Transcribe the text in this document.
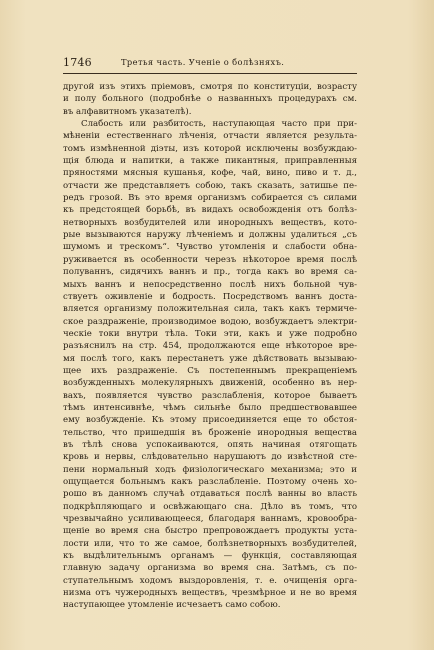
1746	Третья часть. Ученіе о болѣзняхъ.
другой изъ этихъ пріемовъ, смотря по конституціи, возрасту
и полу больного (подробнѣе о названныхъ процедурахъ см.
въ алфавитномъ указателѣ).
Слабость или разбитость, наступающая часто при при-
мѣненіи естественнаго лѣченія, отчасти является результа-
томъ измѣненной діэты, изъ которой исключены возбуждаю-
щія блюда и напитки, а также пикантныя, приправленныя
пряностями мясныя кушанья, кофе, чай, вино, пиво и т. д.,
отчасти же представляетъ собою, такъ сказать, затишье пе-
редъ грозой. Въ это время организмъ собирается съ силами
къ предстоящей борьбѣ, въ видахъ освобожденія отъ болѣз-
нетворныхъ возбудителей или инородныхъ веществъ, кото-
рые вызываются наружу лѣченіемъ и должны удалиться „съ
шумомъ и трескомъ“. Чувство утомленія и слабости обна-
руживается въ особенности черезъ нѣкоторое время послѣ
полуваннъ, сидячихъ ваннъ и пр., тогда какъ во время са-
мыхъ ваннъ и непосредственно послѣ нихъ больной чув-
ствуетъ оживленіе и бодрость. Посредствомъ ваннъ доста-
вляется организму положительная сила, такъ какъ термиче-
ское раздраженіе, производимое водою, возбуждаетъ электри-
ческіе токи внутри тѣла. Токи эти, какъ и уже подробно
разъяснилъ на стр. 454, продолжаются еще нѣкоторое вре-
мя послѣ того, какъ перестанетъ уже дѣйствовать вызываю-
щее ихъ раздраженіе. Съ постепеннымъ прекращеніемъ
возбужденныхъ молекулярныхъ движеній, особенно въ нер-
вахъ, появляется чувство разслабленія, которое бываетъ
тѣмъ интенсивнѣе, чѣмъ сильнѣе было предшествовавшее
ему возбужденіе. Къ этому присоединяется еще то обстоя-
тельство, что пришедшія въ броженіе инородныя вещества
въ тѣлѣ снова успокаиваются, опять начиная отягощать
кровь и нервы, слѣдовательно нарушаютъ до извѣстной сте-
пени нормальный ходъ физіологическаго механизма; это и
ощущается больнымъ какъ разслабленіе. Поэтому очень хо-
рошо въ данномъ случаѣ отдаваться послѣ ванны во власть
подкрѣпляющаго и освѣжающаго сна. Дѣло въ томъ, что
чрезвычайно усиливающееся, благодаря ваннамъ, кровообра-
щеніе во время сна быстро препровождаетъ продукты уста-
лости или, что то же самое, болѣзнетворныхъ возбудителей,
къ выдѣлительнымъ органамъ — функція, составляющая
главную задачу организма во время сна. Затѣмъ, съ по-
ступательнымъ ходомъ выздоровленія, т. е. очищенія орга-
низма отъ чужеродныхъ веществъ, чрезмѣрное и не во время
наступающее утомленіе исчезаетъ само собою.
